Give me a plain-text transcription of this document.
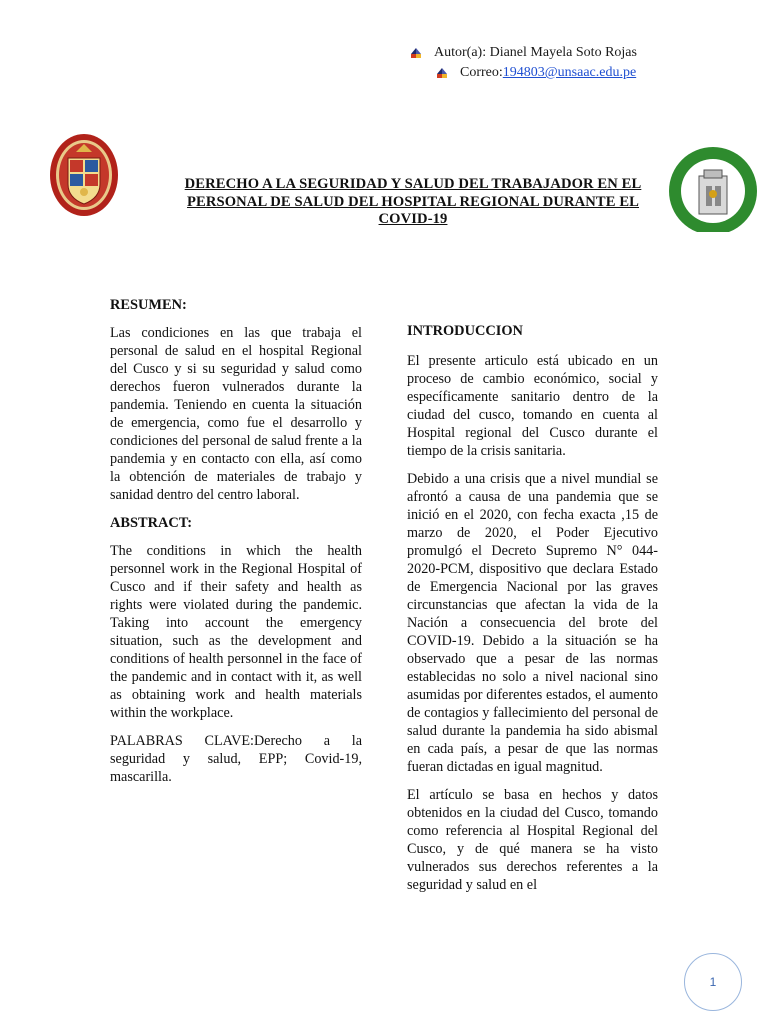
Autor(a): Dianel Mayela Soto Rojas
Correo: 194803@unsaac.edu.pe
DERECHO A LA SEGURIDAD Y SALUD DEL TRABAJADOR EN EL PERSONAL DE SALUD DEL HOSPITAL REGIONAL DURANTE EL COVID-19
RESUMEN:

Las condiciones en las que trabaja el personal de salud en el hospital Regional del Cusco y si su seguridad y salud como derechos fueron vulnerados durante la pandemia. Teniendo en cuenta la situación de emergencia, como fue el desarrollo y condiciones del personal de salud frente a la pandemia y en contacto con ella, así como la obtención de materiales de trabajo y sanidad dentro del centro laboral.

ABSTRACT:

The conditions in which the health personnel work in the Regional Hospital of Cusco and if their safety and health as rights were violated during the pandemic. Taking into account the emergency situation, such as the development and conditions of health personnel in the face of the pandemic and in contact with it, as well as obtaining work and health materials within the workplace.

PALABRAS CLAVE:Derecho a la seguridad y salud, EPP; Covid-19, mascarilla.

INTRODUCCION

El presente articulo está ubicado en un proceso de cambio económico, social y específicamente sanitario dentro de la ciudad del cusco, tomando en cuenta al Hospital regional del Cusco durante el tiempo de la crisis sanitaria.

Debido a una crisis que a nivel mundial se afrontó a causa de una pandemia que se inició en el 2020, con fecha exacta ,15 de marzo de 2020, el Poder Ejecutivo promulgó el Decreto Supremo N° 044-2020-PCM, dispositivo que declara Estado de Emergencia Nacional por las graves circunstancias que afectan la vida de la Nación a consecuencia del brote del COVID-19. Debido a la situación se ha observado que a pesar de las normas establecidas no solo a nivel nacional sino asumidas por diferentes estados, el aumento de contagios y fallecimiento del personal de salud durante la pandemia ha sido abismal en cada país, a pesar de que las normas fueran dictadas en igual magnitud.

El artículo se basa en hechos y datos obtenidos en la ciudad del Cusco, tomando como referencia al Hospital Regional del Cusco, y de qué manera se ha visto vulnerados sus derechos referentes a la seguridad y salud en el

1
